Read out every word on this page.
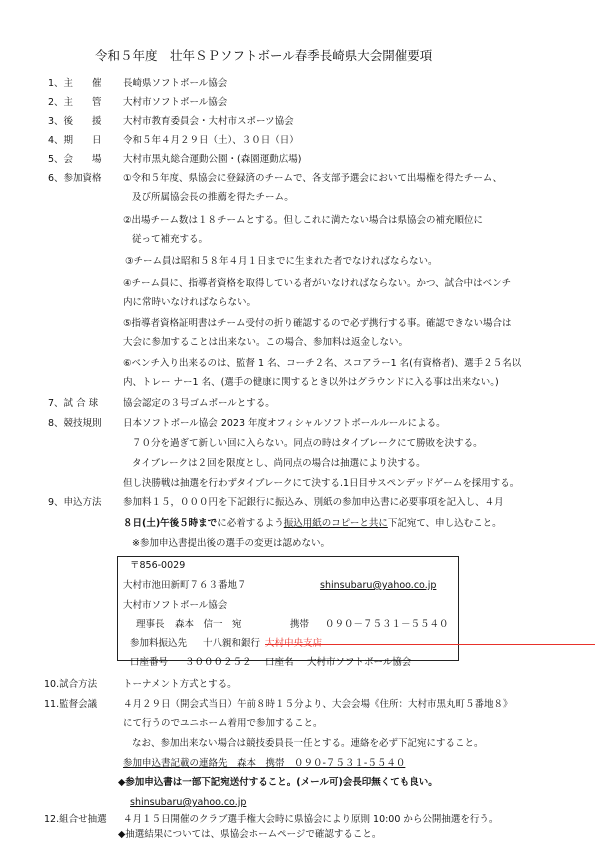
令和５年度　壮年ＳＰソフトボール春季長崎県大会開催要項
1、主　　催 長崎県ソフトボール協会
2、主　　管 大村市ソフトボール協会
3、後　　援 大村市教育委員会・大村市スポーツ協会
4、期　　日 令和５年４月２９日（土）、３０日（日）
5、会　　場 大村市黒丸総合運動公園・(森園運動広場)
6、参加資格 ①令和５年度、県協会に登録済のチームで、各支部予選会において出場権を得たチーム、
及び所属協会長の推薦を得たチーム。
②出場チーム数は１８チームとする。但しこれに満たない場合は県協会の補充順位に
従って補充する。
③チーム員は昭和５８年４月１日までに生まれた者でなければならない。
④チーム員に、指導者資格を取得している者がいなければならない。かつ、試合中はベンチ
内に常時いなければならない。
⑤指導者資格証明書はチーム受付の折り確認するので必ず携行する事。確認できない場合は
大会に参加することは出来ない。この場合、参加料は返金しない。
⑥ベンチ入り出来るのは、監督 1 名、コーチ２名、スコアラー1 名(有資格者)、選手２５名以
内、トレー ナー1 名、(選手の健康に関するとき以外はグラウンドに入る事は出来ない。)
7、試 合 球	協会認定の３号ゴムボールとする。
8、競技規則 日本ソフトボール協会 2023 年度オフィシャルソフトボールルールによる。
７０分を過ぎて新しい回に入らない。同点の時はタイブレークにて勝敗を決する。
タイブレークは２回を限度とし、尚同点の場合は抽選により決する。
但し決勝戦は抽選を行わずタイブレークにて決する.1日目サスペンデッドゲームを採用する。
9、申込方法 参加料１５，０００円を下記銀行に振込み、別紙の参加申込書に必要事項を記入し、４月
８日(土)午後５時までに必着するよう振込用紙のコピーと共に下記宛て、申し込むこと。
※参加申込書提出後の選手の変更は認めない。
〒856-0029
大村市池田新町７６３番地７	shinsubaru@yahoo.co.jp
大村市ソフトボール協会
理事長 森本　信一　宛	携帯 ０９０－７５３１－５５４０
参加料振込先 十八親和銀行 大村中央支店
口座番号 ３０００２５２ 口座名 大村市ソフトボール協会
10.試合方法	トーナメント方式とする。
11.監督会議	４月２９日（開会式当日）午前８時１５分より、大会会場《住所：大村市黒丸町５番地８》
にて行うのでユニホーム着用で参加すること。
なお、参加出来ない場合は競技委員長一任とする。連絡を必ず下記宛にすること。
参加申込書記載の連絡先　森本　携帯　０９０-７５３１-５５４０
◆参加申込書は一部下記宛送付すること。(メール可)会長印無くても良い。
shinsubaru@yahoo.co.jp
12.組合せ抽選 ４月１５日開催のクラブ選手権大会時に県協会により原則 10:00 から公開抽選を行う。
◆抽選結果については、県協会ホームページで確認すること。
